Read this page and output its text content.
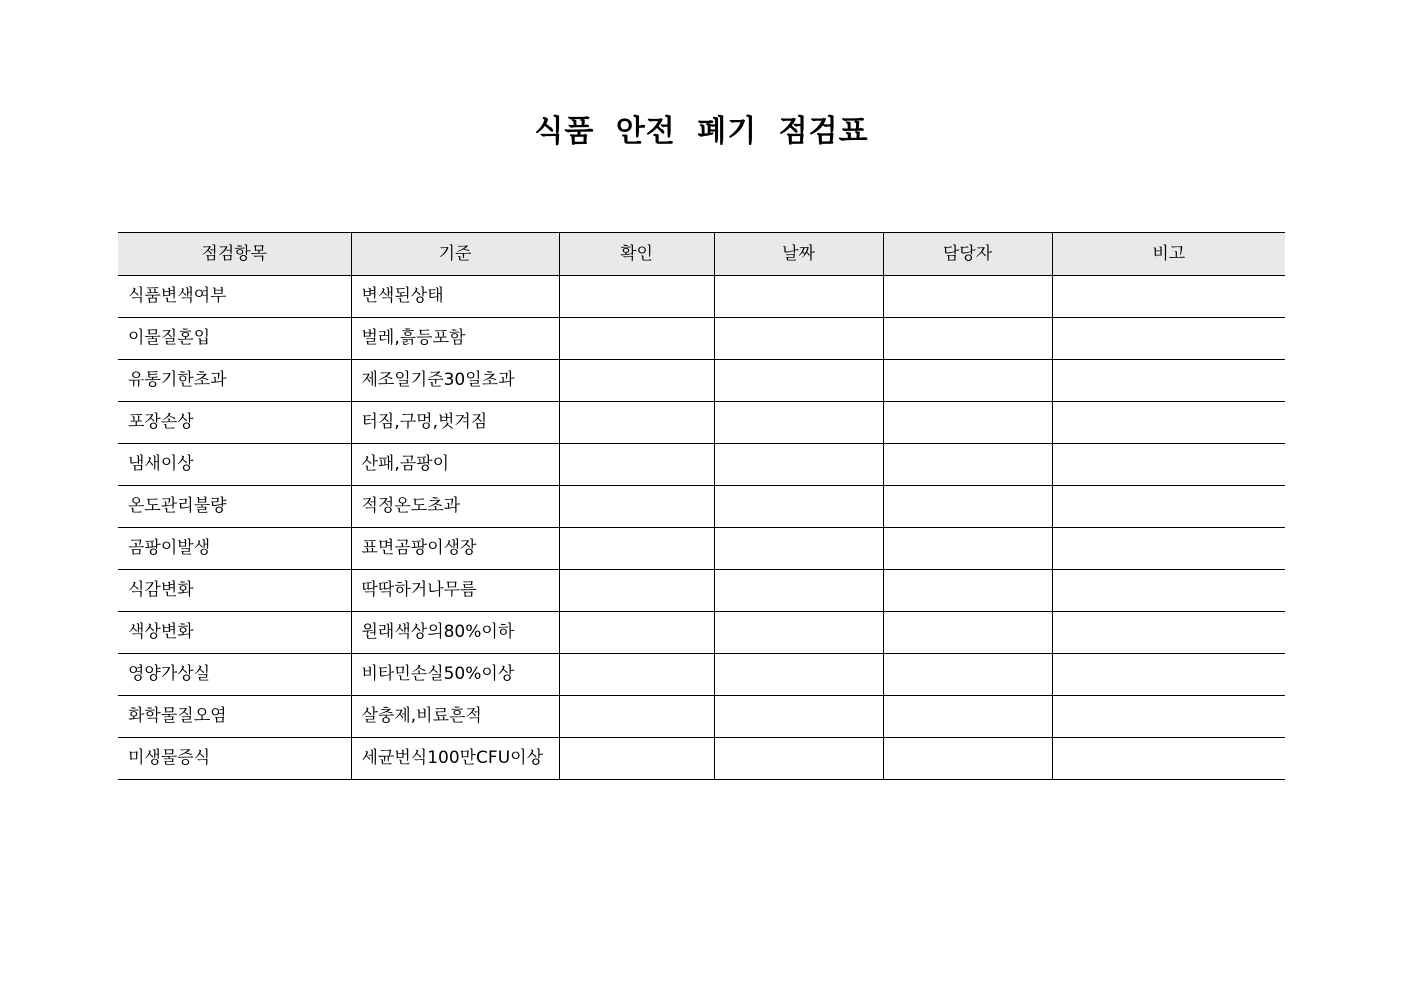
식품 안전 폐기 점검표
점검항목	기준	확인	날짜	담당자	비고
식품변색여부	변색된상태				
이물질혼입	벌레,흙등포함				
유통기한초과	제조일기준30일초과				
포장손상	터짐,구멍,벗겨짐				
냄새이상	산패,곰팡이				
온도관리불량	적정온도초과				
곰팡이발생	표면곰팡이생장				
식감변화	딱딱하거나무름				
색상변화	원래색상의80%이하				
영양가상실	비타민손실50%이상				
화학물질오염	살충제,비료흔적				
미생물증식	세균번식100만CFU이상				
